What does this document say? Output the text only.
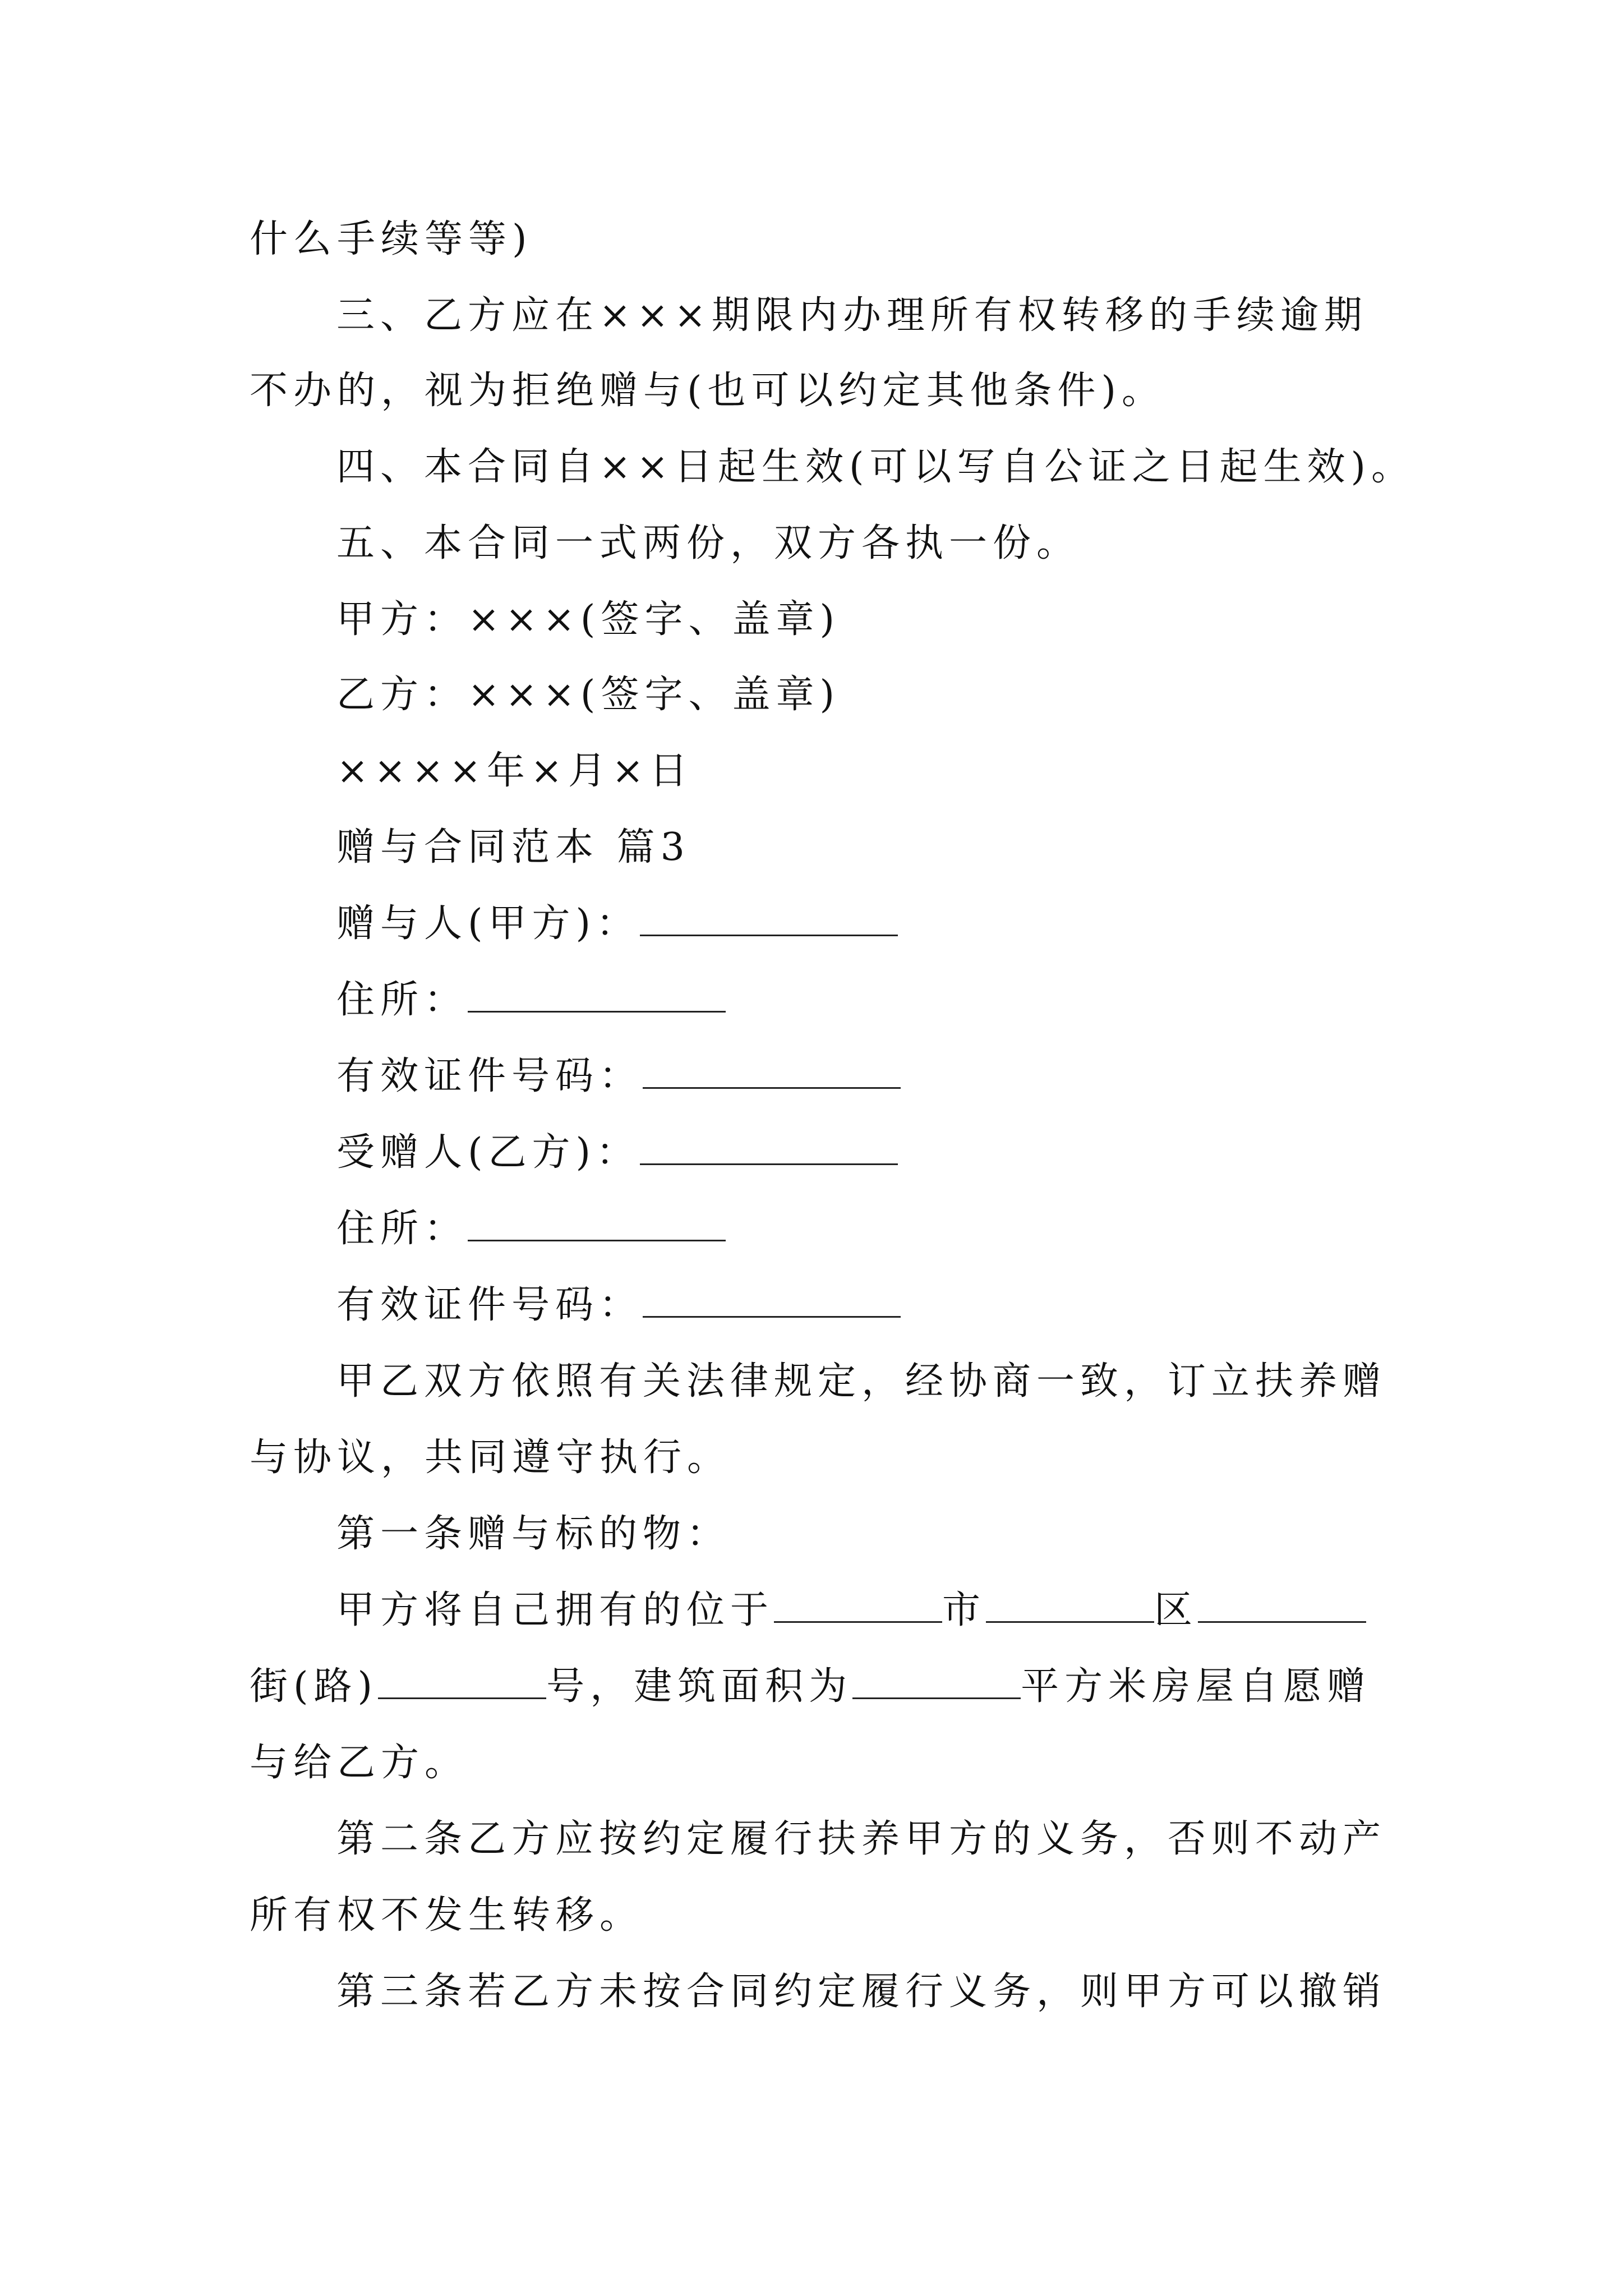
什么手续等等)
三、乙方应在×××期限内办理所有权转移的手续逾期
不办的，视为拒绝赠与(也可以约定其他条件)。
四、本合同自××日起生效(可以写自公证之日起生效)。
五、本合同一式两份，双方各执一份。
甲方：×××(签字、盖章)
乙方：×××(签字、盖章)
××××年×月×日
赠与合同范本 篇3
赠与人(甲方)：
住所：
有效证件号码：
受赠人(乙方)：
住所：
有效证件号码：
甲乙双方依照有关法律规定，经协商一致，订立扶养赠
与协议，共同遵守执行。
第一条赠与标的物：
甲方将自己拥有的位于	市	区
街(路)	号，建筑面积为	平方米房屋自愿赠
与给乙方。
第二条乙方应按约定履行扶养甲方的义务，否则不动产
所有权不发生转移。
第三条若乙方未按合同约定履行义务，则甲方可以撤销
